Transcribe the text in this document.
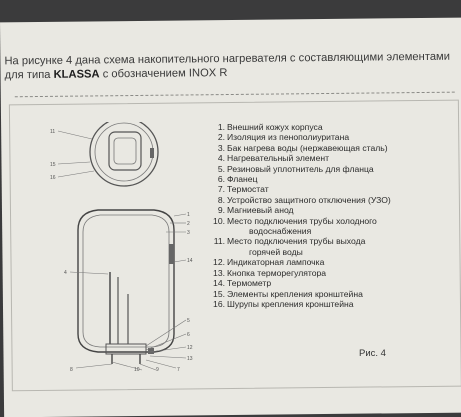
На рисунке 4 дана схема накопительного нагревателя с составляющими элементами
для типа KLASSA с обозначением INOX R
11
15
16
1
2
3
4
5
6
7
8	9
10
12
13
14
1. Внешний кожух корпуса
2. Изоляция из пенополиуритана
3. Бак нагрева воды (нержавеющая сталь)
4. Нагревательный элемент
5. Резиновый уплотнитель для фланца
6. Фланец
7. Термостат
8. Устройство защитного отключения (УЗО)
9. Магниевый анод
10. Место подключения трубы холодного
водоснабжения
11. Место подключения трубы выхода
горячей воды
12. Индикаторная лампочка
13. Кнопка терморегулятора
14. Термометр
15. Элементы крепления кронштейна
16. Шурупы крепления кронштейна
Рис. 4
